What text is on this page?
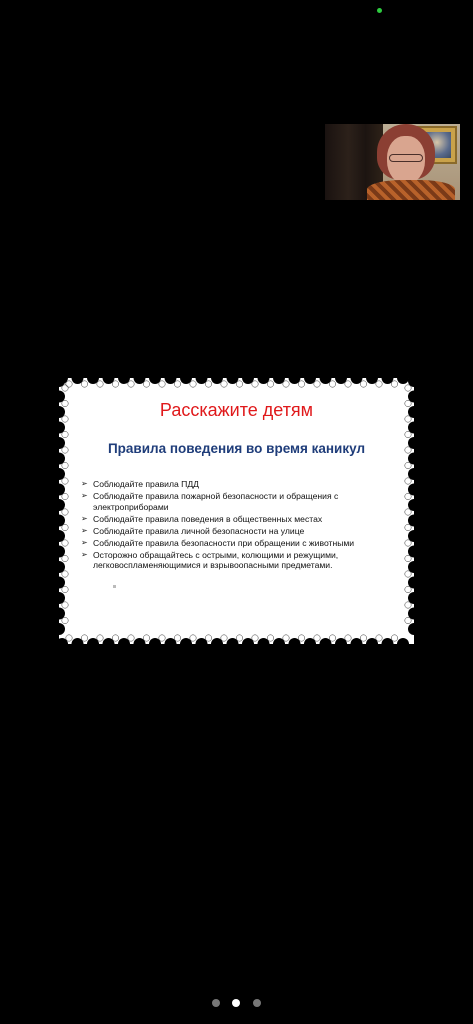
Расскажите детям
Правила поведения во время каникул
➢ Соблюдайте правила ПДД
➢ Соблюдайте правила пожарной безопасности и обращения с электроприборами
➢ Соблюдайте правила поведения в общественных местах
➢ Соблюдайте правила личной безопасности на улице
➢ Соблюдайте правила безопасности при обращении с животными
➢ Осторожно обращайтесь с острыми, колющими и режущими, легковоспламеняющимися и взрывоопасными предметами.
